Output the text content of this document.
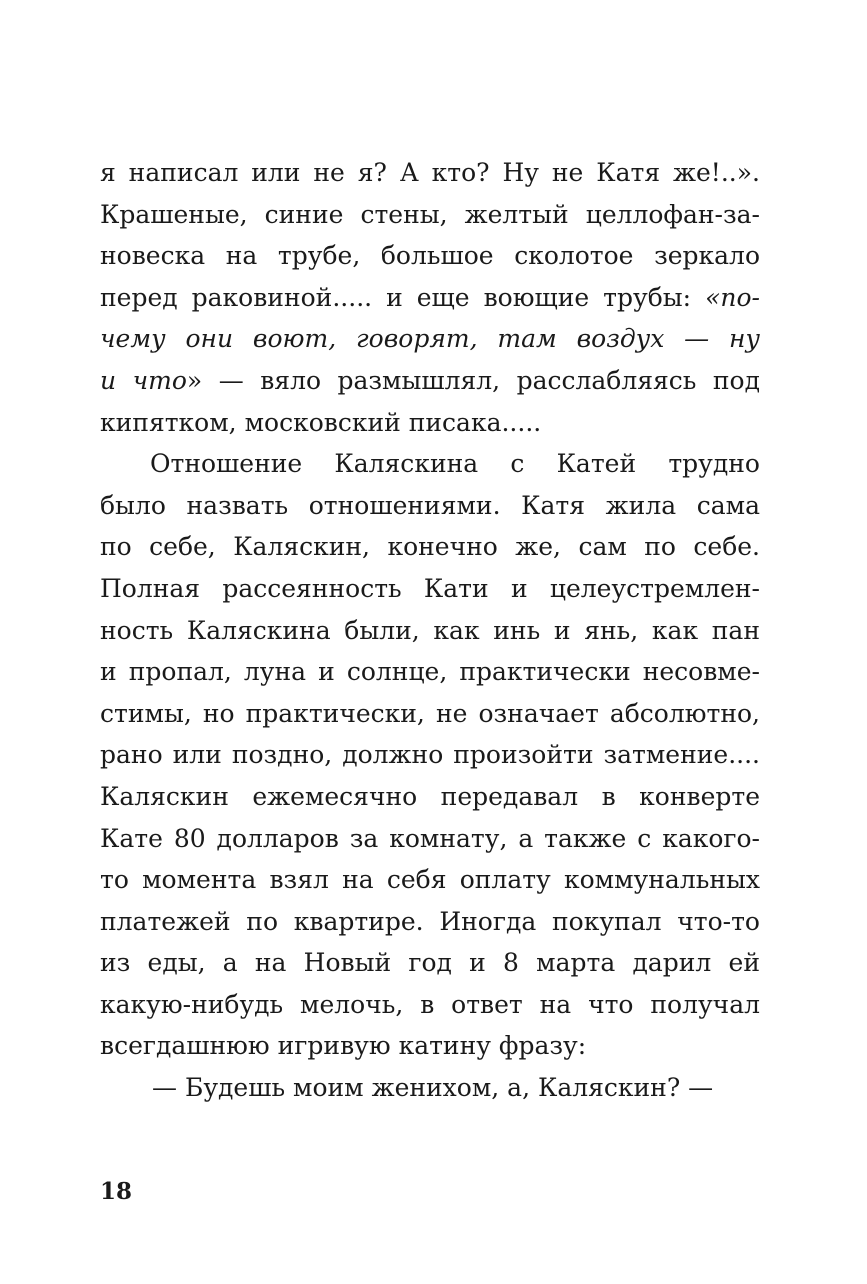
я написал или не я? А кто? Ну не Катя же!..».
Крашеные, синие стены, желтый целлофан-за-
новеска на трубе, большое сколотое зеркало
перед раковиной..... и еще воющие трубы: «по-
чему они воют, говорят, там воздух — ну
и что» — вяло размышлял, расслабляясь под
кипятком, московский писака.....
Отношение Каляскина с Катей трудно
было назвать отношениями. Катя жила сама
по себе, Каляскин, конечно же, сам по себе.
Полная рассеянность Кати и целеустремлен-
ность Каляскина были, как инь и янь, как пан
и пропал, луна и солнце, практически несовме-
стимы, но практически, не означает абсолютно,
рано или поздно, должно произойти затмение....
Каляскин ежемесячно передавал в конверте
Кате 80 долларов за комнату, а также с какого-
то момента взял на себя оплату коммунальных
платежей по квартире. Иногда покупал что-то
из еды, а на Новый год и 8 марта дарил ей
какую-нибудь мелочь, в ответ на что получал
всегдашнюю игривую катину фразу:
— Будешь моим женихом, а, Каляскин? —
18
